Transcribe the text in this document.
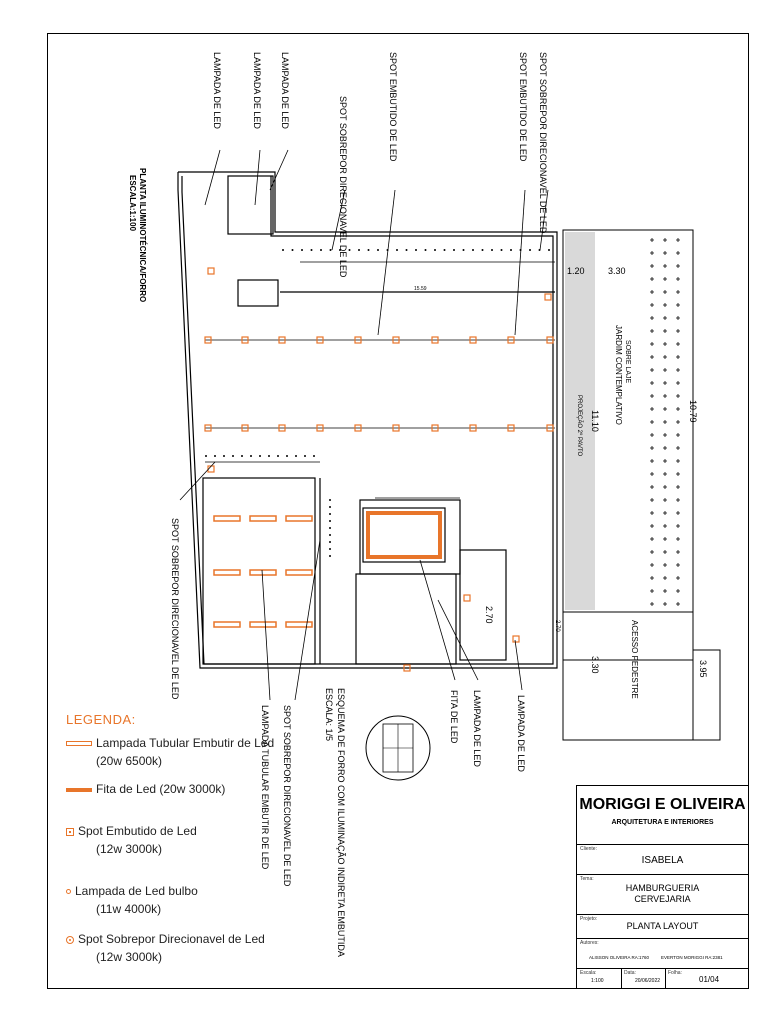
1.20	3.30
10.79
11.10
3.30	3.95
2.70
15.59
2.70
LAMPADA DE LED	LAMPADA DE LED LAMPADA DE LED
SPOT SOBREPOR DIRECIONAVEL DE LED	SPOT EMBUTIDO DE LED	SPOT EMBUTIDO DE LED SPOT SOBREPOR DIRECIONAVEL DE LED
PLANTA ILUMINOTÉCNICA/FORRO
ESCALA:1:100
SPOT SOBREPOR DIRECIONAVEL DE LED
LAMPADA TUBULAR EMBUTIR DE LED SPOT SOBREPOR DIRECIONAVEL DE LED	ESQUEMA DE FORRO COM ILUMINAÇÃO INDIRETA EMBUTIDA
ESCALA: 1/5	FITA DE LED LAMPADA DE LED	LAMPADA DE LED
JARDIM CONTEMPLATIVO SOBRE LAJE
PROJEÇÃO 2º PAVTO
ACESSO PEDESTRE
LEGENDA:
Lampada Tubular Embutir de Led
(20w 6500k)
Fita de Led (20w 3000k)
Spot Embutido de Led
(12w 3000k)
Lampada de Led bulbo
(11w 4000k)
Spot Sobrepor Direcionavel de Led
(12w 3000k)
MORIGGI E OLIVEIRA
ARQUITETURA E INTERIORES
Cliente:
ISABELA
Tema:
HAMBURGUERIA
CERVEJARIA
Projeto:
PLANTA LAYOUT
Autores:
ALISSON OLIVEIRA RA:1760	EVERTON MORIGGI RA:2381
Escala:
1:100
Data:
20/06/2022
Folha:
01/04
